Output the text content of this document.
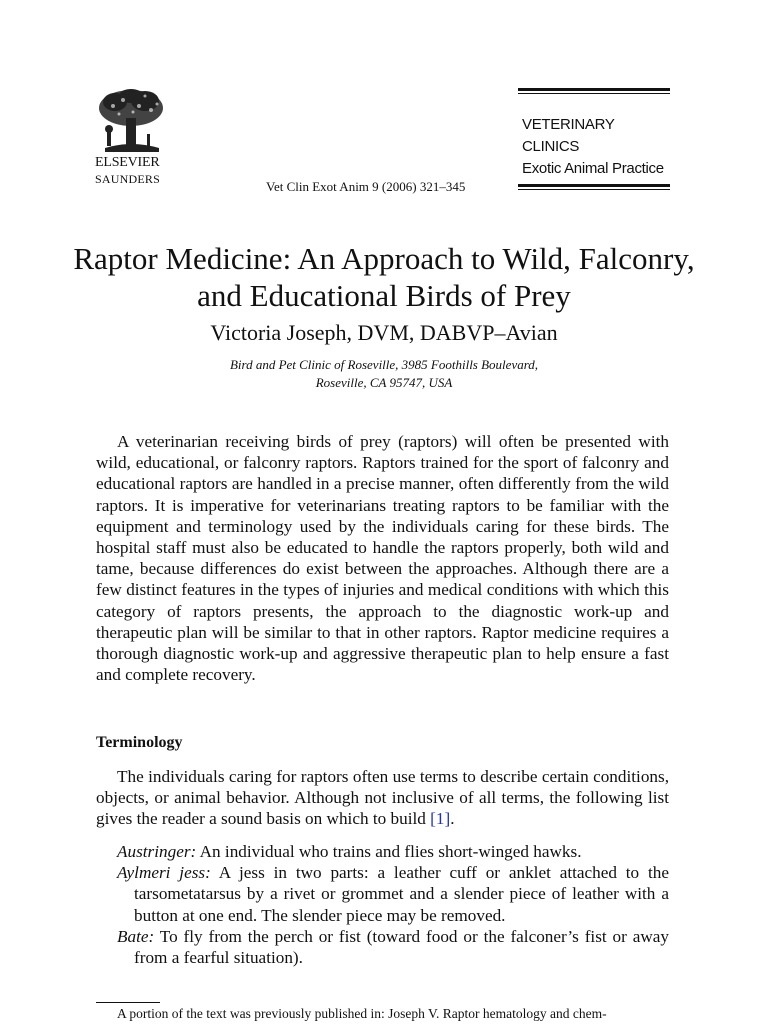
ELSEVIER
SAUNDERS	Vet Clin Exot Anim 9 (2006) 321–345
VETERINARY
CLINICS
Exotic Animal Practice
Raptor Medicine: An Approach to Wild, Falconry, and Educational Birds of Prey
Victoria Joseph, DVM, DABVP–Avian
Bird and Pet Clinic of Roseville, 3985 Foothills Boulevard,
Roseville, CA 95747, USA

A veterinarian receiving birds of prey (raptors) will often be presented with wild, educational, or falconry raptors. Raptors trained for the sport of falconry and educational raptors are handled in a precise manner, often differently from the wild raptors. It is imperative for veterinarians treating raptors to be familiar with the equipment and terminology used by the individuals caring for these birds. The hospital staff must also be educated to handle the raptors properly, both wild and tame, because differences do exist between the approaches. Although there are a few distinct features in the types of injuries and medical conditions with which this category of raptors presents, the approach to the diagnostic work-up and therapeutic plan will be similar to that in other raptors. Raptor medicine requires a thorough diagnostic work-up and aggressive therapeutic plan to help ensure a fast and complete recovery.

Terminology

The individuals caring for raptors often use terms to describe certain conditions, objects, or animal behavior. Although not inclusive of all terms, the following list gives the reader a sound basis on which to build [1].

Austringer: An individual who trains and flies short-winged hawks.

Aylmeri jess: A jess in two parts: a leather cuff or anklet attached to the tarsometatarsus by a rivet or grommet and a slender piece of leather with a button at one end. The slender piece may be removed.

Bate: To fly from the perch or fist (toward food or the falconer’s fist or away from a fearful situation).

A portion of the text was previously published in: Joseph V. Raptor hematology and chem-
